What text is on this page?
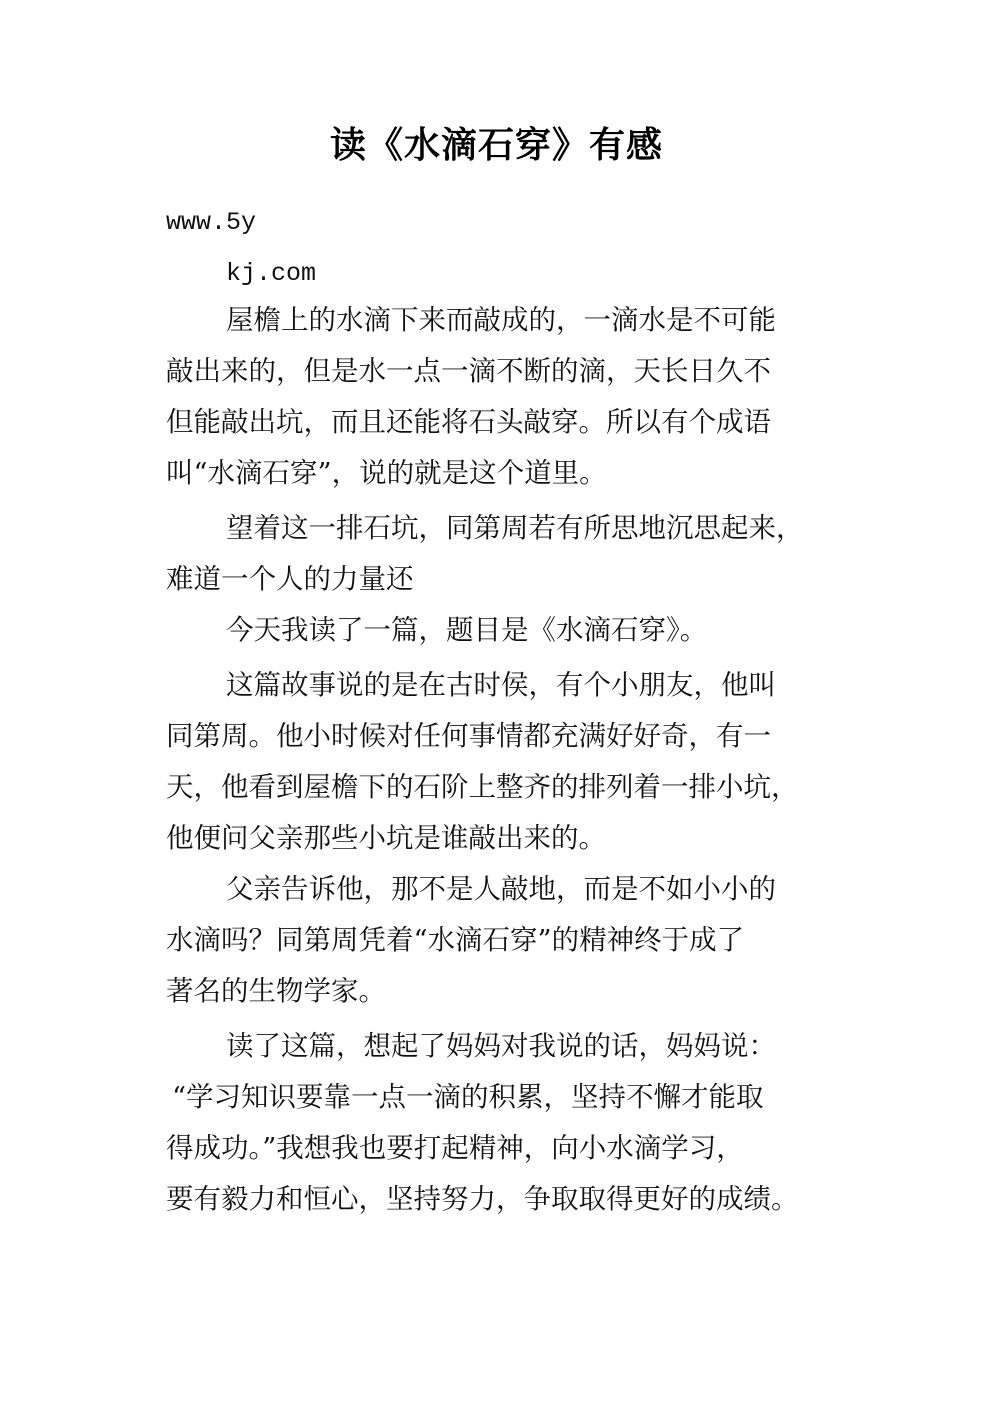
读《水滴石穿》有感
www.5y
kj.com
屋檐上的水滴下来而敲成的，一滴水是不可能
敲出来的，但是水一点一滴不断的滴，天长日久不
但能敲出坑，而且还能将石头敲穿。所以有个成语
叫“水滴石穿”，说的就是这个道里。
望着这一排石坑，同第周若有所思地沉思起来，
难道一个人的力量还
今天我读了一篇，题目是《水滴石穿》。
这篇故事说的是在古时侯，有个小朋友，他叫
同第周。他小时候对任何事情都充满好好奇，有一
天，他看到屋檐下的石阶上整齐的排列着一排小坑，
他便问父亲那些小坑是谁敲出来的。
父亲告诉他，那不是人敲地，而是不如小小的
水滴吗？同第周凭着“水滴石穿”的精神终于成了
著名的生物学家。
读了这篇，想起了妈妈对我说的话，妈妈说：
“学习知识要靠一点一滴的积累，坚持不懈才能取
得成功。”我想我也要打起精神，向小水滴学习，
要有毅力和恒心，坚持努力，争取取得更好的成绩。
